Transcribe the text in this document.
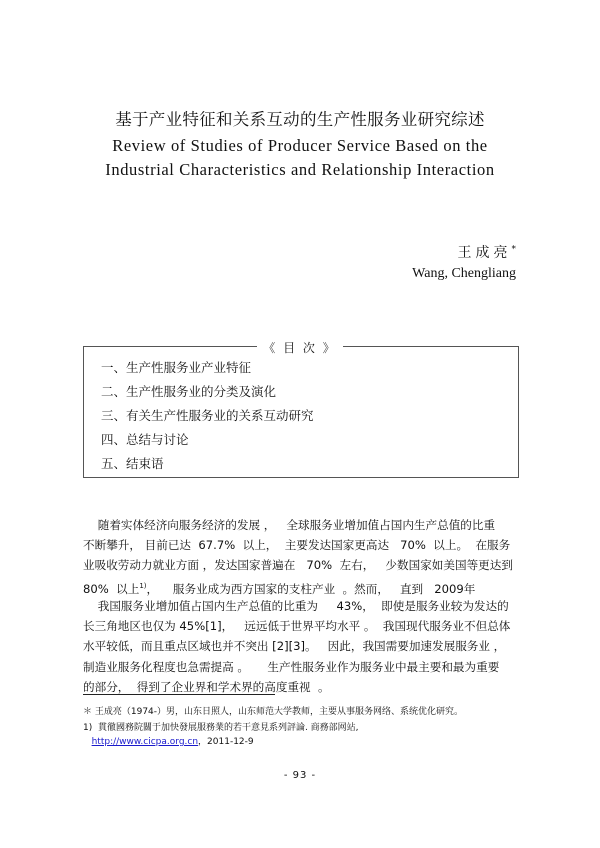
基于产业特征和关系互动的生产性服务业研究综述
Review of Studies of Producer Service Based on the
Industrial Characteristics and Relationship Interaction
王成亮*
Wang, Chengliang
《 目 次 》
一、生产性服务业产业特征
二、生产性服务业的分类及演化
三、有关生产性服务业的关系互动研究
四、总结与讨论
五、结束语
随着实体经济向服务经济的发展 ，   全球服务业增加值占国内生产总值的比重
不断攀升， 目前已达  67.7%  以上，  主要发达国家更高达   70%  以上。  在服务
业吸收劳动力就业方面 ，发达国家普遍在   70%  左右，   少数国家如美国等更达到
80%  以上$^{1)}$，    服务业成为西方国家的支柱产业  。然而，   直到   2009年
我国服务业增加值占国内生产总值的比重为     43%，  即使是服务业较为发达的
长三角地区也仅为 45%[1]，   远远低于世界平均水平 。  我国现代服务业不但总体
水平较低，而且重点区域也并不突出 [2][3]。   因此，我国需要加速发展服务业 ，
制造业服务化程度也急需提高 。     生产性服务业作为服务业中最主要和最为重要
的部分，  得到了企业界和学术界的高度重视  。
＊ 王成亮（1974-）男，山东日照人，山东师范大学教师，主要从事服务网络、系统优化研究。
1)  貫徹國務院關于加快發展服務業的若干意見系列評論. 商務部网站,
http://www.cicpa.org.cn，2011-12-9
- 93 -
